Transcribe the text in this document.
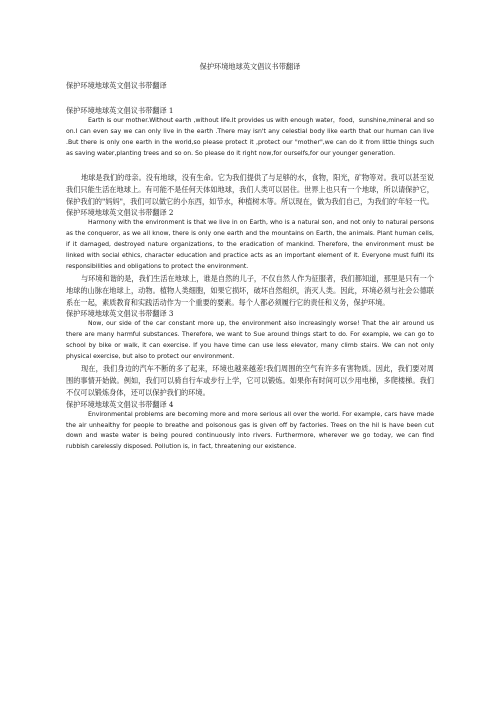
保护环境地球英文倡议书带翻译
保护环境地球英文倡议书带翻译
保护环境地球英文倡议书带翻译 1

Earth is our mother.Without earth ,without life.It provides us with enough water，food，sunshine,mineral and so on.I can even say we can only live in the earth .There may isn't any celestial body like earth that our human can live .But there is only one earth in the world,so please protect it ,protect our "mother",we can do it from little things such as saving water,planting trees and so on. So please do it right now,for ourselfs,for our younger generation.

地球是我们的母亲。没有地球，没有生命。它为我们提供了与足够的水，食物，阳光，矿物等对。我可以甚至说我们只能生活在地球上。有可能不是任何天体如地球，我们人类可以居住。世界上也只有一个地球，所以请保护它，保护我们的"妈妈"，我们可以做它的小东西，如节水，种植树木等。所以现在，做为我们自己，为我们的'年轻一代。

保护环境地球英文倡议书带翻译 2

Harmony with the environment is that we live in on Earth, who is a natural son, and not only to natural persons as the conqueror, as we all know, there is only one earth and the mountains on Earth, the animals. Plant human cells, if it damaged, destroyed nature organizations, to the eradication of mankind. Therefore, the environment must be linked with social ethics, character education and practice acts as an important element of it. Everyone must fulfil its responsibilities and obligations to protect the environment.

与环境和谐的是，我们生活在地球上，谁是自然的儿子，不仅自然人作为征服者，我们都知道，那里是只有一个地球的山脉在地球上，动物。植物人类细胞，如果它损坏，破坏自然组织，消灭人类。因此，环境必须与社会公德联系在一起，素质教育和实践活动作为一个重要的要素。每个人都必须履行它的责任和义务，保护环境。

保护环境地球英文倡议书带翻译 3

Now, our side of the car constant more up, the environment also increasingly worse! That the air around us there are many harmful substances. Therefore, we want to Sue around things start to do. For example, we can go to school by bike or walk, it can exercise. If you have time can use less elevator, many climb stairs. We can not only physical exercise, but also to protect our environment.

现在，我们身边的汽车不断的多了起来，环境也越来越差!我们周围的空气有许多有害物质。因此，我们要对周围的事情开始做。例如，我们可以骑自行车或步行上学，它可以锻炼。如果你有时间可以少用电梯，多爬楼梯。我们不仅可以锻炼身体，还可以保护我们的环境。

保护环境地球英文倡议书带翻译 4

Environmental problems are becoming more and more serious all over the world. For example, cars have made the air unhealthy for people to breathe and poisonous gas is given off by factories. Trees on the hil ls have been cut down and waste water is being poured continuously into rivers. Furthermore, wherever we go today, we can find rubbish carelessly disposed. Pollution is, in fact, threatening our existence.
